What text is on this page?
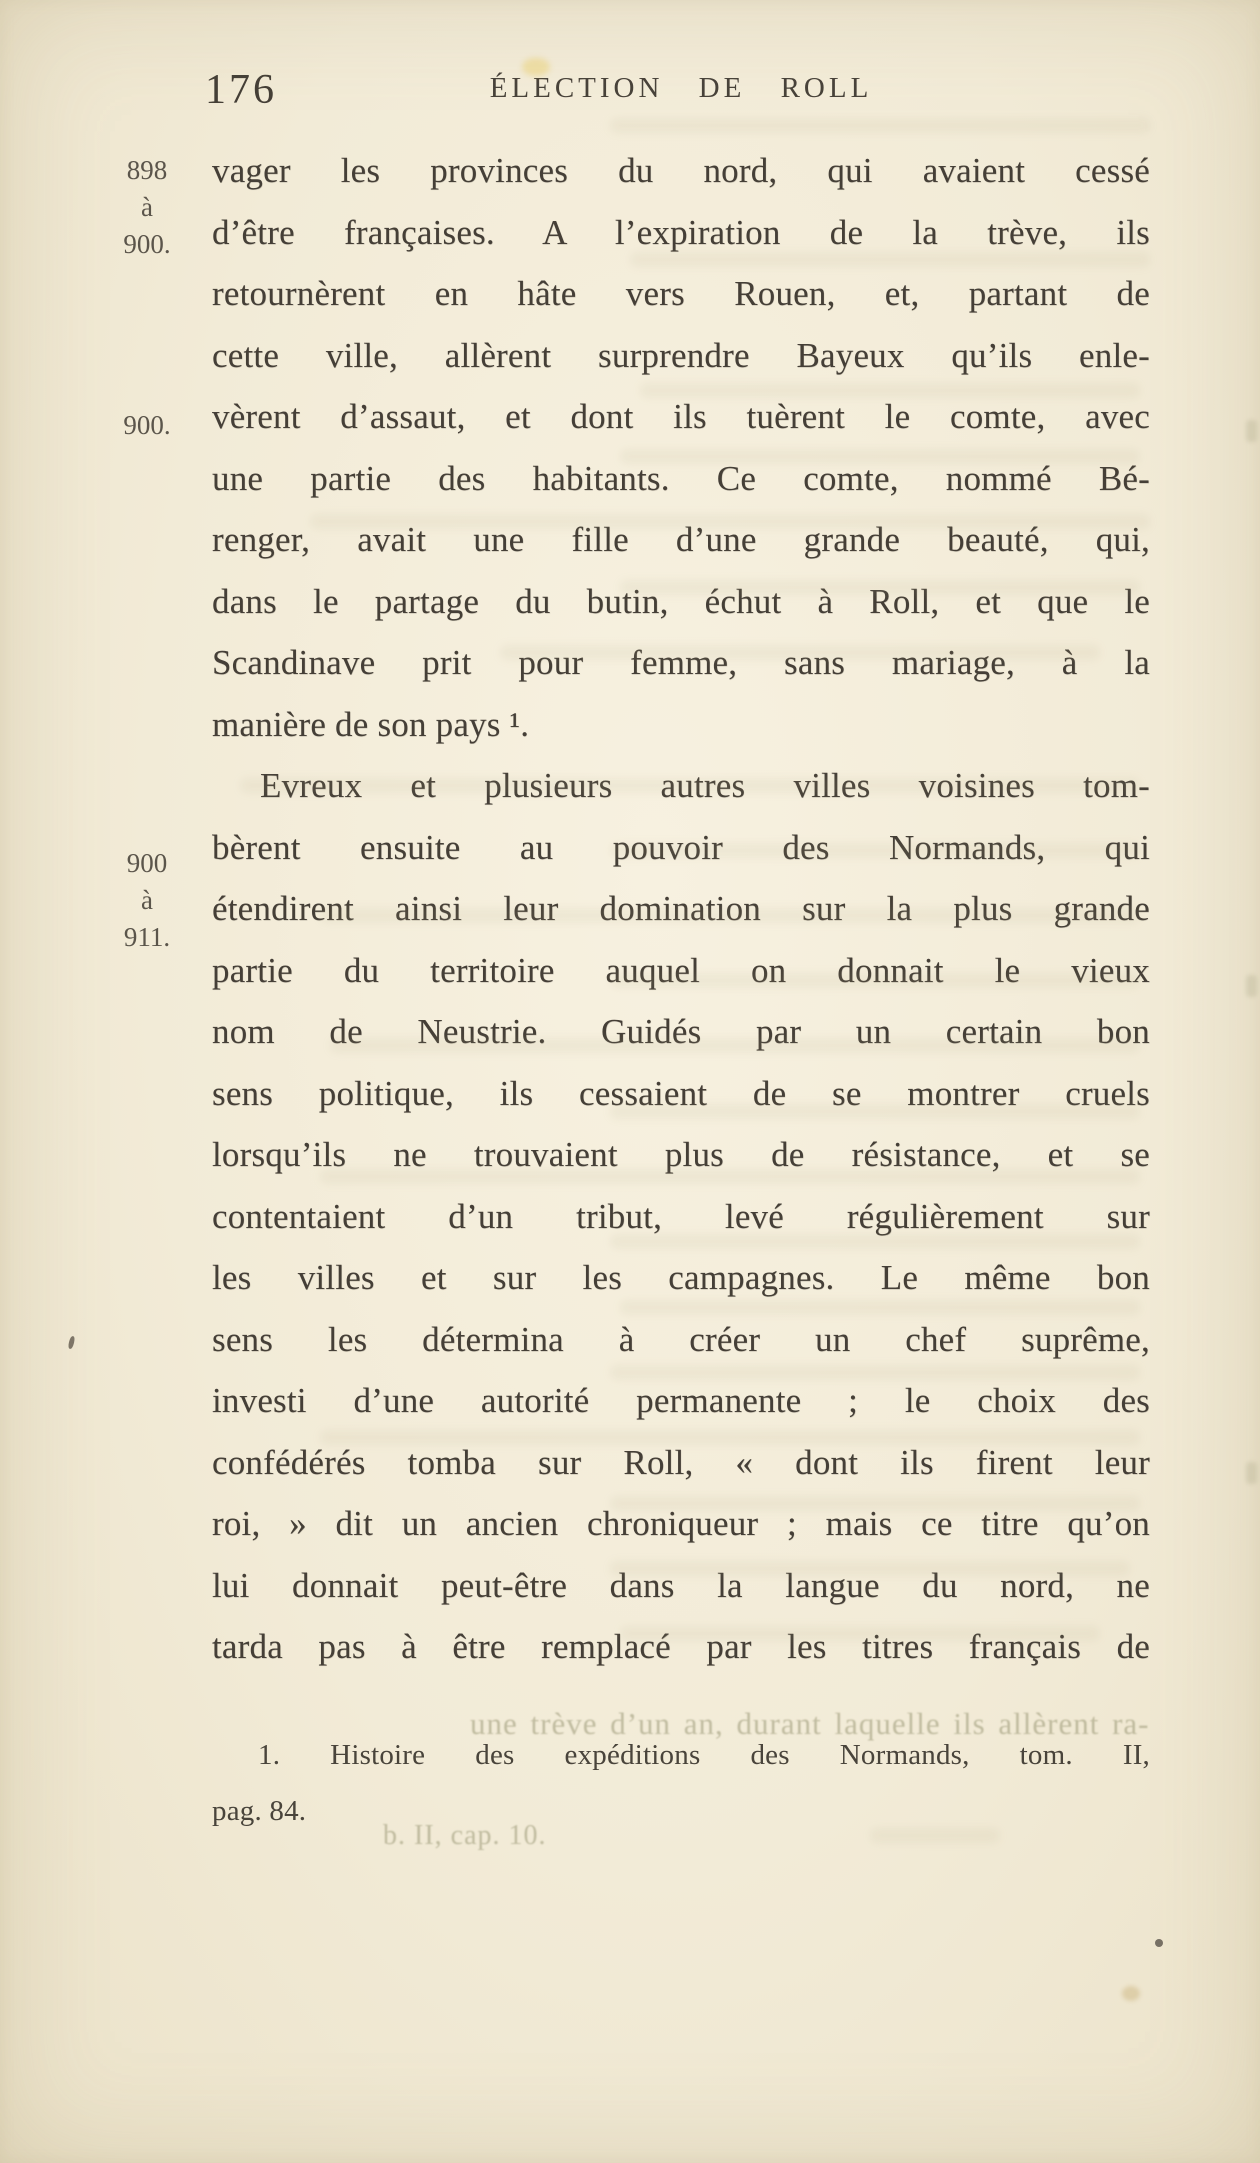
176	ÉLECTION DE ROLL
898
à
900.
900.
900
à
911.
vager les provinces du nord, qui avaient cessé
d’être françaises. A l’expiration de la trève, ils
retournèrent en hâte vers Rouen, et, partant de
cette ville, allèrent surprendre Bayeux qu’ils enle-
vèrent d’assaut, et dont ils tuèrent le comte, avec
une partie des habitants. Ce comte, nommé Bé-
renger, avait une fille d’une grande beauté, qui,
dans le partage du butin, échut à Roll, et que le
Scandinave prit pour femme, sans mariage, à la
manière de son pays ¹.
Evreux et plusieurs autres villes voisines tom-
bèrent ensuite au pouvoir des Normands, qui
étendirent ainsi leur domination sur la plus grande
partie du territoire auquel on donnait le vieux
nom de Neustrie. Guidés par un certain bon
sens politique, ils cessaient de se montrer cruels
lorsqu’ils ne trouvaient plus de résistance, et se
contentaient d’un tribut, levé régulièrement sur
les villes et sur les campagnes. Le même bon
sens les détermina à créer un chef suprême,
investi d’une autorité permanente ; le choix des
confédérés tomba sur Roll, « dont ils firent leur
roi, » dit un ancien chroniqueur ; mais ce titre qu’on
lui donnait peut-être dans la langue du nord, ne
tarda pas à être remplacé par les titres français de
1. Histoire des expéditions des Normands, tom. II,
pag. 84.
une trève d’un an, durant laquelle ils allèrent ra-
b. II, cap. 10.
